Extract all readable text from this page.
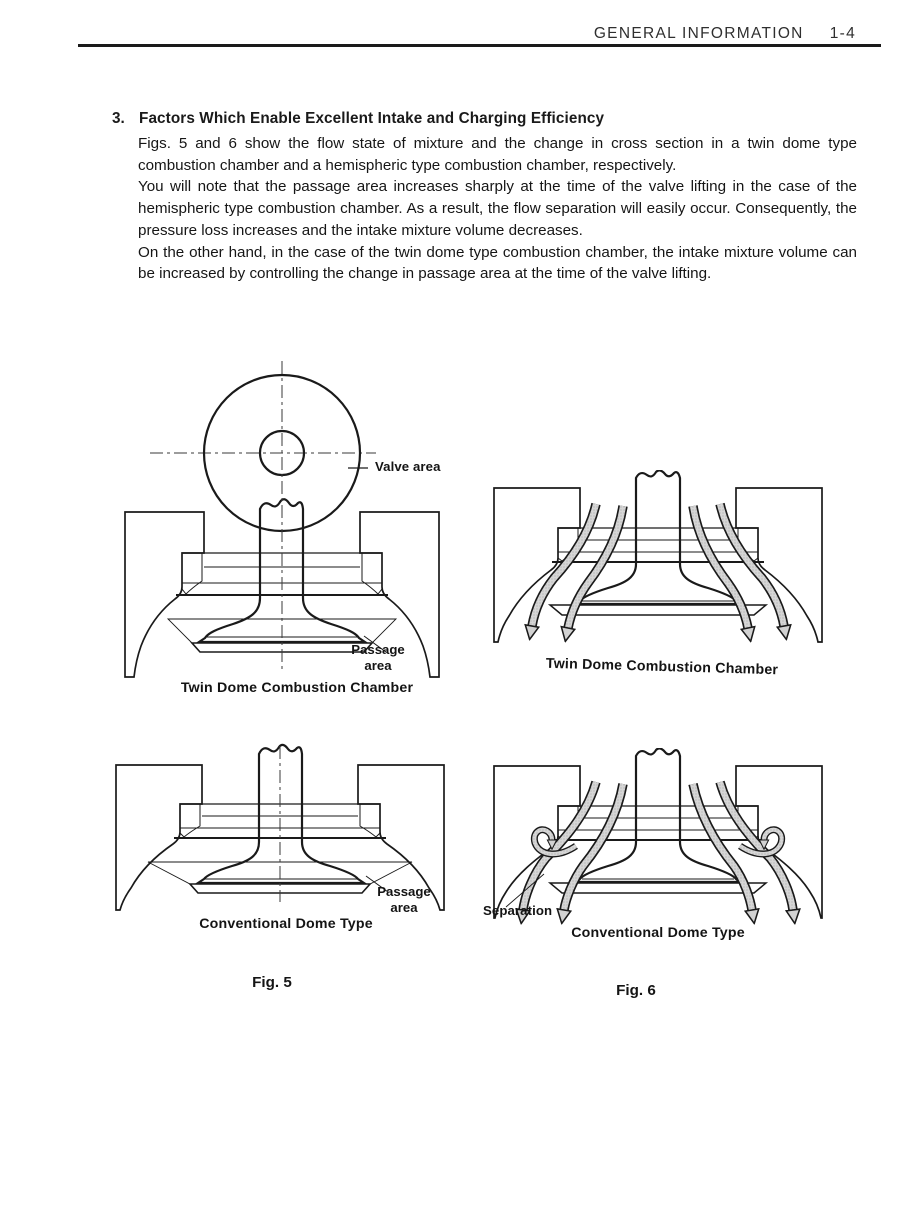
GENERAL INFORMATION 1-4
3. Factors Which Enable Excellent Intake and Charging Efficiency

Figs. 5 and 6 show the flow state of mixture and the change in cross section in a twin dome type combustion chamber and a hemispheric type combustion chamber, respectively.

You will note that the passage area increases sharply at the time of the valve lifting in the case of the hemispheric type combustion chamber. As a result, the flow separation will easily occur. Consequently, the pressure loss increases and the intake mixture volume decreases.

On the other hand, in the case of the twin dome type combustion chamber, the intake mixture volume can be increased by controlling the change in passage area at the time of the valve lifting.

Valve area
Passage area
Twin Dome Combustion Chamber
Twin Dome Combustion Chamber
Passage area
Conventional Dome Type
Separation
Conventional Dome Type
Fig. 5	Fig. 6
